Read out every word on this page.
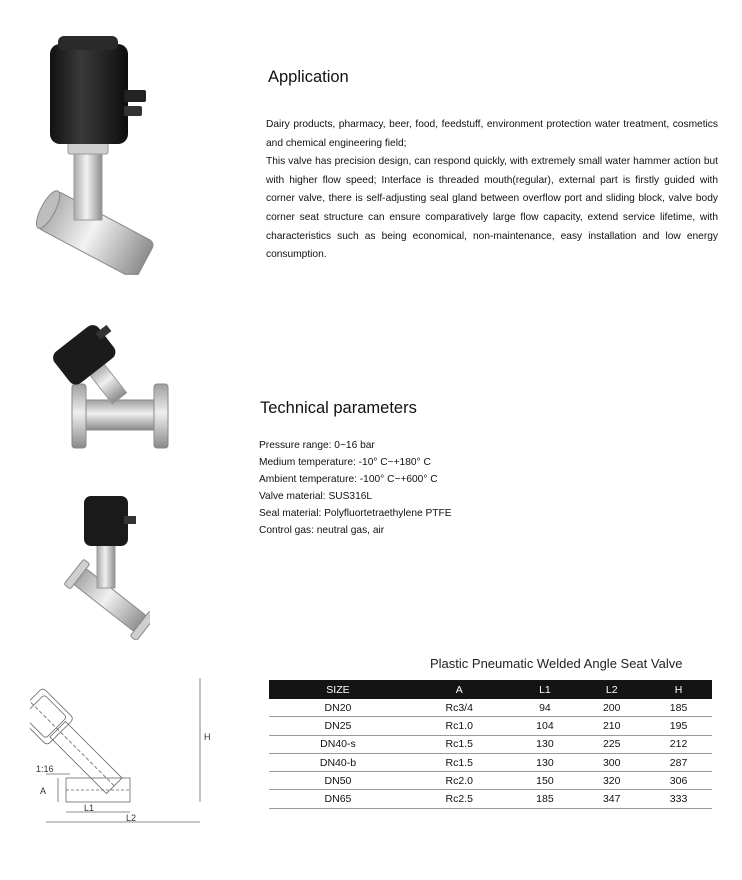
Application

Dairy products, pharmacy, beer, food, feedstuff, environment protection water treatment, cosmetics and chemical engineering field;

This valve has precision design, can respond quickly, with extremely small water hammer action but with higher flow speed; Interface is threaded mouth(regular), external part is firstly guided with corner valve, there is self-adjusting seal gland between overflow port and sliding block, valve body corner seat structure can ensure comparatively large flow capacity, extend service lifetime, with characteristics such as being economical, non-maintenance, easy installation and low energy consumption.

Technical parameters
Pressure range: 0~16 bar
Medium temperature: -10° C~+180° C
Ambient temperature: -100° C~+600° C
Valve material: SUS316L
Seal material: Polyfluortetraethylene PTFE
Control gas: neutral gas, air
1:16
A
L1
L2
H
Plastic Pneumatic Welded Angle Seat Valve
SIZE	A	L1	L2	H
DN20	Rc3/4	94	200	185
DN25	Rc1.0	104	210	195
DN40-s	Rc1.5	130	225	212
DN40-b	Rc1.5	130	300	287
DN50	Rc2.0	150	320	306
DN65	Rc2.5	185	347	333
